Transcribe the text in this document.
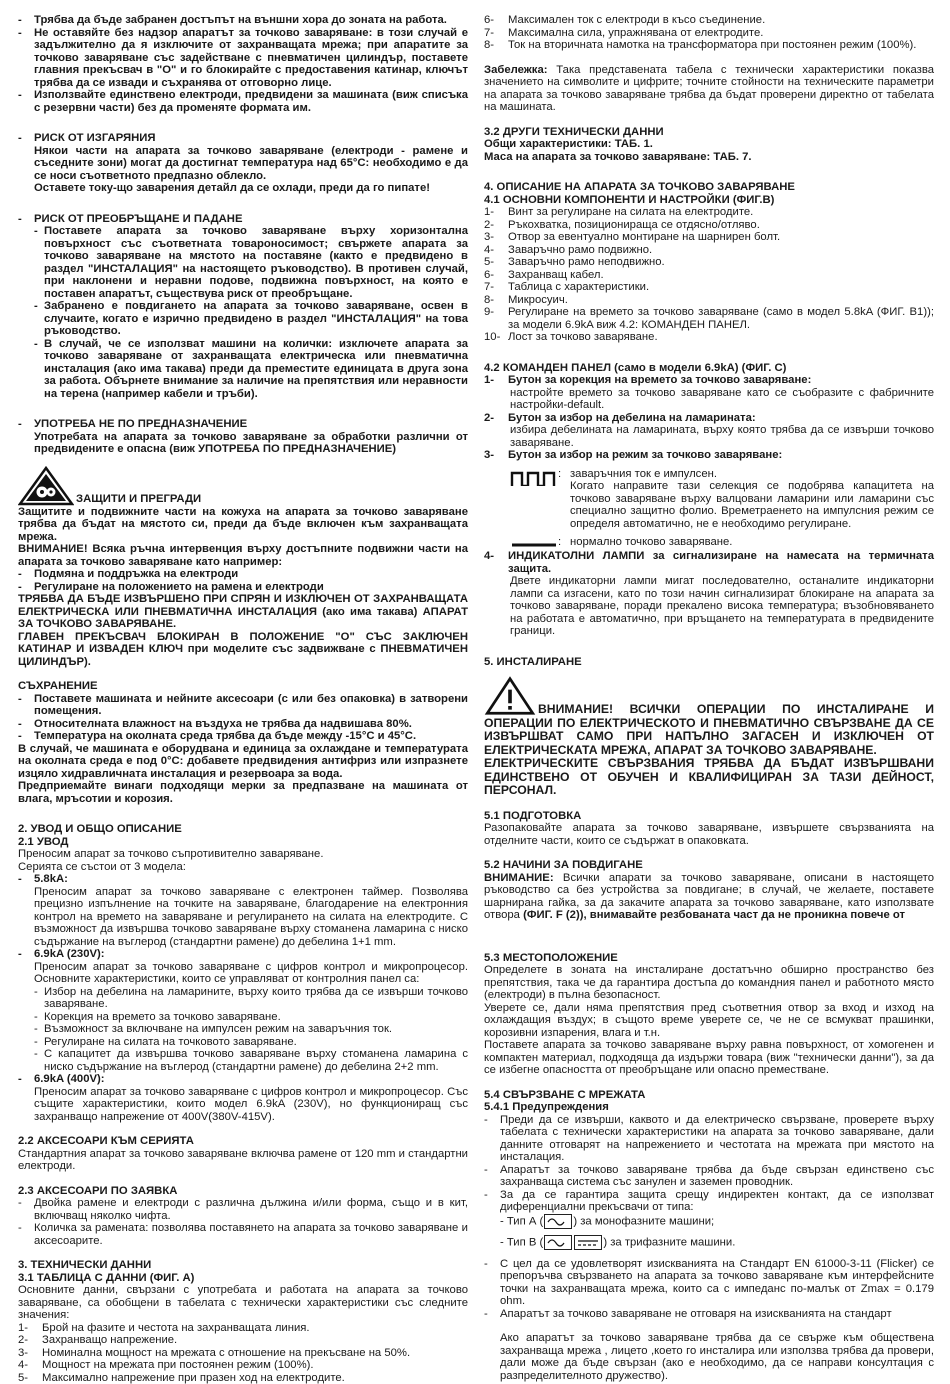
-	Трябва да бъде забранен достъпът на външни хора до зоната на работа.
-	Не оставяйте без надзор апаратът за точково заваряване: в този случай е задължително да я изключите от захранващата мрежа; при апаратите за точково заваряване със задействане с пневматичен цилиндър, поставете главния прекъсвач в "О" и го блокирайте с предоставения катинар, ключът трябва да се извади и съхранява от отговорно лице.
-	Използвайте единствено електроди, предвидени за машината (виж списъка с резервни части) без да променяте формата им.
-	РИСК ОТ ИЗГАРЯНИЯ
Някои части на апарата за точково заваряване (електроди - рамене и съседните зони) могат да достигнат температура над 65°С: необходимо е да се носи съответното предпазно облекло.
Оставете току-що заварения детайл да се охлади, преди да го пипате!
-	РИСК ОТ ПРЕОБРЪЩАНЕ И ПАДАНЕ
- Поставете апарата за точково заваряване върху хоризонтална повърхност със съответната товароносимост; свържете апарата за точково заваряване на мястото на поставяне (както е предвидено в раздел "ИНСТАЛАЦИЯ" на настоящето ръководство). В противен случай, при наклонени и неравни подове, подвижна повърхност, на която е поставен апаратът, съществува риск от преобръщане.
- Забранено е повдигането на апарата за точково заваряване, освен в случаите, когато е изрично предвидено в раздел "ИНСТАЛАЦИЯ" на това ръководство.
- В случай, че се използват машини на колички: изключете апарата за точково заваряване от захранващата електрическа или пневматична инсталация (ако има такава) преди да преместите единицата в друга зона за работа. Обърнете внимание за наличие на препятствия или неравности на терена (например кабели и тръби).
-	УПОТРЕБА НЕ ПО ПРЕДНАЗНАЧЕНИЕ
Употребата на апарата за точково заваряване за обработки различни от предвидените е опасна (виж УПОТРЕБА ПО ПРЕДНАЗНАЧЕНИЕ)
ЗАЩИТИ И ПРЕГРАДИ
Защитите и подвижните части на кожуха на апарата за точково заваряване трябва да бъдат на мястото си, преди да бъде включен към захранващата мрежа.
ВНИМАНИЕ! Всяка ръчна интервенция върху достъпните подвижни части на апарата за точково заваряване като например:
-	Подмяна и поддръжка на електроди
-	Регулиране на положението на рамена и електроди
ТРЯБВА ДА БЪДЕ ИЗВЪРШЕНО ПРИ СПРЯН И ИЗКЛЮЧЕН ОТ ЗАХРАНВАЩАТА ЕЛЕКТРИЧЕСКА ИЛИ ПНЕВМАТИЧНА ИНСТАЛАЦИЯ (ако има такава) АПАРАТ ЗА ТОЧКОВО ЗАВАРЯВАНЕ.
ГЛАВЕН ПРЕКЪСВАЧ БЛОКИРАН В ПОЛОЖЕНИЕ "О" СЪС ЗАКЛЮЧЕН КАТИНАР И ИЗВАДЕН КЛЮЧ при моделите със задвижване с ПНЕВМАТИЧЕН ЦИЛИНДЪР).
СЪХРАНЕНИЕ
-	Поставете машината и нейните аксесоари (с или без опаковка) в затворени помещения.
-	Относителната влажност на въздуха не трябва да надвишава 80%.
-	Температура на околната среда трябва да бъде между -15°С и 45°С.
В случай, че машината е оборудвана и единица за охлаждане и температурата на околната среда е под 0°С: добавете предвидения антифриз или изпразнете изцяло хидравличната инсталация и резервоара за вода.
Предприемайте винаги подходящи мерки за предпазване на машината от влага, мръсотии и корозия.
2. УВОД И ОБЩО ОПИСАНИЕ
2.1 УВОД
Преносим апарат за точково съпротивително заваряване.
Серията се състои от 3 модела:
-	5.8kA:
Преносим апарат за точково заваряване с електронен таймер. Позволява прецизно изпълнение на точките на заваряване, благодарение на електронния контрол на времето на заваряване и регулирането на силата на електродите. С възможност да извършва точково заваряване върху стоманена ламарина с ниско съдържание на въглерод (стандартни рамене) до дебелина 1+1 mm.
-	6.9kA (230V):
Преносим апарат за точково заваряване с цифров контрол и микропроцесор. Основните характеристики, които се управляват от контролния панел са:
- Избор на дебелина на ламарините, върху които трябва да се извърши точково заваряване.
- Корекция на времето за точково заваряване.
- Възможност за включване на импулсен режим на заваръчния ток.
- Регулиране на силата на точковото заваряване.
- С капацитет да извършва точково заваряване върху стоманена ламарина с ниско съдържание на въглерод (стандартни рамене) до дебелина 2+2 mm.
-	6.9kA (400V):
Преносим апарат за точково заваряване с цифров контрол и микропроцесор. Със същите характеристики, които модел 6.9kA (230V), но функциониращ със захранващо напрежение от 400V(380V-415V).
2.2 АКСЕСОАРИ КЪМ СЕРИЯТА
Стандартния апарат за точково заваряване включва рамене от 120 mm и стандартни електроди.
2.3 АКСЕСОАРИ ПО ЗАЯВКА
-	Двойка рамене и електроди с различна дължина и/или форма, също и в кит, включващ няколко чифта.
-	Количка за рамената: позволява поставянето на апарата за точково заваряване и аксесоарите.
3. ТЕХНИЧЕСКИ ДАННИ
3.1 ТАБЛИЦА С ДАННИ (ФИГ. А)
Основните данни, свързани с употребата и работата на апарата за точково заваряване, са обобщени в табелата с технически характеристики със следните значения:
1-	Брой на фазите и честота на захранващата линия.
2-	Захранващо напрежение.
3-	Номинална мощност на мрежата с отношение на прекъсване на 50%.
4-	Мощност на мрежата при постоянен режим (100%).
5-	Максимално напрежение при празен ход на електродите.
6-	Максимален ток с електроди в късо съединение.
7-	Максимална сила, упражнявана от електродите.
8-	Ток на вторичната намотка на трансформатора при постоянен режим (100%).
Забележка: Така представената табела с технически характеристики показва значението на символите и цифрите; точните стойности на техническите параметри на апарата за точково заваряване трябва да бъдат проверени директно от табелата на машината.
3.2 ДРУГИ ТЕХНИЧЕСКИ ДАННИ
Общи характеристики: ТАБ. 1.
Маса на апарата за точково заваряване: ТАБ. 7.
4. ОПИСАНИЕ НА АПАРАТА ЗА ТОЧКОВО ЗАВАРЯВАНЕ
4.1 ОСНОВНИ КОМПОНЕНТИ И НАСТРОЙКИ (ФИГ.В)
1-	Винт за регулиране на силата на електродите.
2-	Ръкохватка, позиционираща се отдясно/отляво.
3-	Отвор за евентуално монтиране на шарнирен болт.
4-	Заваръчно рамо подвижно.
5-	Заваръчно рамо неподвижно.
6-	Захранващ кабел.
7-	Таблица с характеристики.
8-	Микросуич.
9-	Регулиране на времето за точково заваряване (само в модел 5.8kA (ФИГ. В1)); за модели 6.9kA виж 4.2: КОМАНДЕН ПАНЕЛ.
10- Лост за точково заваряване.
4.2 КОМАНДЕН ПАНЕЛ (само в модели 6.9kA) (ФИГ. С)
1-	Бутон за корекция на времето за точково заваряване:
настройте времето за точково заваряване като се съобразите с фабричните настройки-default.
2-	Бутон за избор на дебелина на ламарината:
избира дебелината на ламарината, върху която трябва да се извърши точково заваряване.
3-	Бутон за избор на режим за точково заваряване:
: заваръчния ток е импулсен.
Когато направите тази селекция се подобрява капацитета на точково заваряване върху валцовани ламарини или ламарини със специално защитно фолио. Времетраенето на импулсния режим се определя автоматично, не е необходимо регулиране.
: нормално точково заваряване.
4-	ИНДИКАТОЛНИ ЛАМПИ за сигнализиране на намесата на термичната защита.
Двете индикаторни лампи мигат последователно, останалите индикаторни лампи са изгасени, като по този начин сигнализират блокиране на апарата за точково заваряване, поради прекалено висока температура; възобновяването на работата е автоматично, при връщането на температурата в предвидените граници.
5. ИНСТАЛИРАНЕ
ВНИМАНИЕ! ВСИЧКИ ОПЕРАЦИИ ПО ИНСТАЛИРАНЕ И ОПЕРАЦИИ ПО ЕЛЕКТРИЧЕСКОТО И ПНЕВМАТИЧНО СВЪРЗВАНЕ ДА СЕ ИЗВЪРШВАТ САМО ПРИ НАПЪЛНО ЗАГАСЕН И ИЗКЛЮЧЕН ОТ ЕЛЕКТРИЧЕСКАТА МРЕЖА, АПАРАТ ЗА ТОЧКОВО ЗАВАРЯВАНЕ.
ЕЛЕКТРИЧЕСКИТЕ СВЪРЗВАНИЯ ТРЯБВА ДА БЪДАТ ИЗВЪРШВАНИ ЕДИНСТВЕНО ОТ ОБУЧЕН И КВАЛИФИЦИРАН ЗА ТАЗИ ДЕЙНОСТ, ПЕРСОНАЛ.
5.1 ПОДГОТОВКА
Разопаковайте апарата за точково заваряване, извършете свързванията на отделните части, които се съдържат в опаковката.
5.2 НАЧИНИ ЗА ПОВДИГАНЕ
ВНИМАНИЕ: Всички апарати за точково заваряване, описани в настоящето ръководство са без устройства за повдигане; в случай, че желаете, поставете шарнирана гайка, за да закачите апарата за точково заваряване, като използвате отвора (ФИГ. F (2)), внимавайте резбованата част да не проникна повече от
5.3 МЕСТОПОЛОЖЕНИЕ
Определете в зоната на инсталиране достатъчно обширно пространство без препятствия, така че да гарантира достъпа до командния панел и работното място (електроди) в пълна безопасност.
Уверете се, дали няма препятствия пред съответния отвор за вход и изход на охлаждащия въздух; в същото време уверете се, че не се всмукват прашинки, корозивни изпарения, влага и т.н.
Поставете апарата за точково заваряване върху равна повърхност, от хомогенен и компактен материал, подходяща да издържи товара (виж "технически данни"), за да се избегне опасността от преобръщане или опасно преместване.
5.4 СВЪРЗВАНЕ С МРЕЖАТА
5.4.1 Предупреждения
-	Преди да се извърши, каквото и да електрическо свързване, проверете върху табелата с технически характеристики на апарата за точково заваряване, дали данните отговарят на напрежението и честотата на мрежата при мястото на инсталация.
-	Апаратът за точково заваряване трябва да бъде свързан единствено със захранваща система със занулен и заземен проводник.
-	За да се гарантира защита срещу индиректен контакт, да се използват диференциални прекъсвачи от типа:
- Тип А (	) за монофазните машини;
- Тип В (	) за трифазните машини.
-	С цел да се удовлетворят изискванията на Стандарт EN 61000-3-11 (Flicker) се препоръчва свързването на апарата за точково заваряване към интерфейсните точки на захранващата мрежа, които са с импеданс по-малък от Zmax = 0.179 ohm.
-	Апаратът за точково заваряване не отговаря на изискванията на стандарт
Ако апаратът за точково заваряване трябва да се свърже към обществена захранваща мрежа , лицето ,което го инсталира или използва трябва да провери, дали може да бъде свързан (ако е необходимо, да се направи консултация с разпределителното дружество).
